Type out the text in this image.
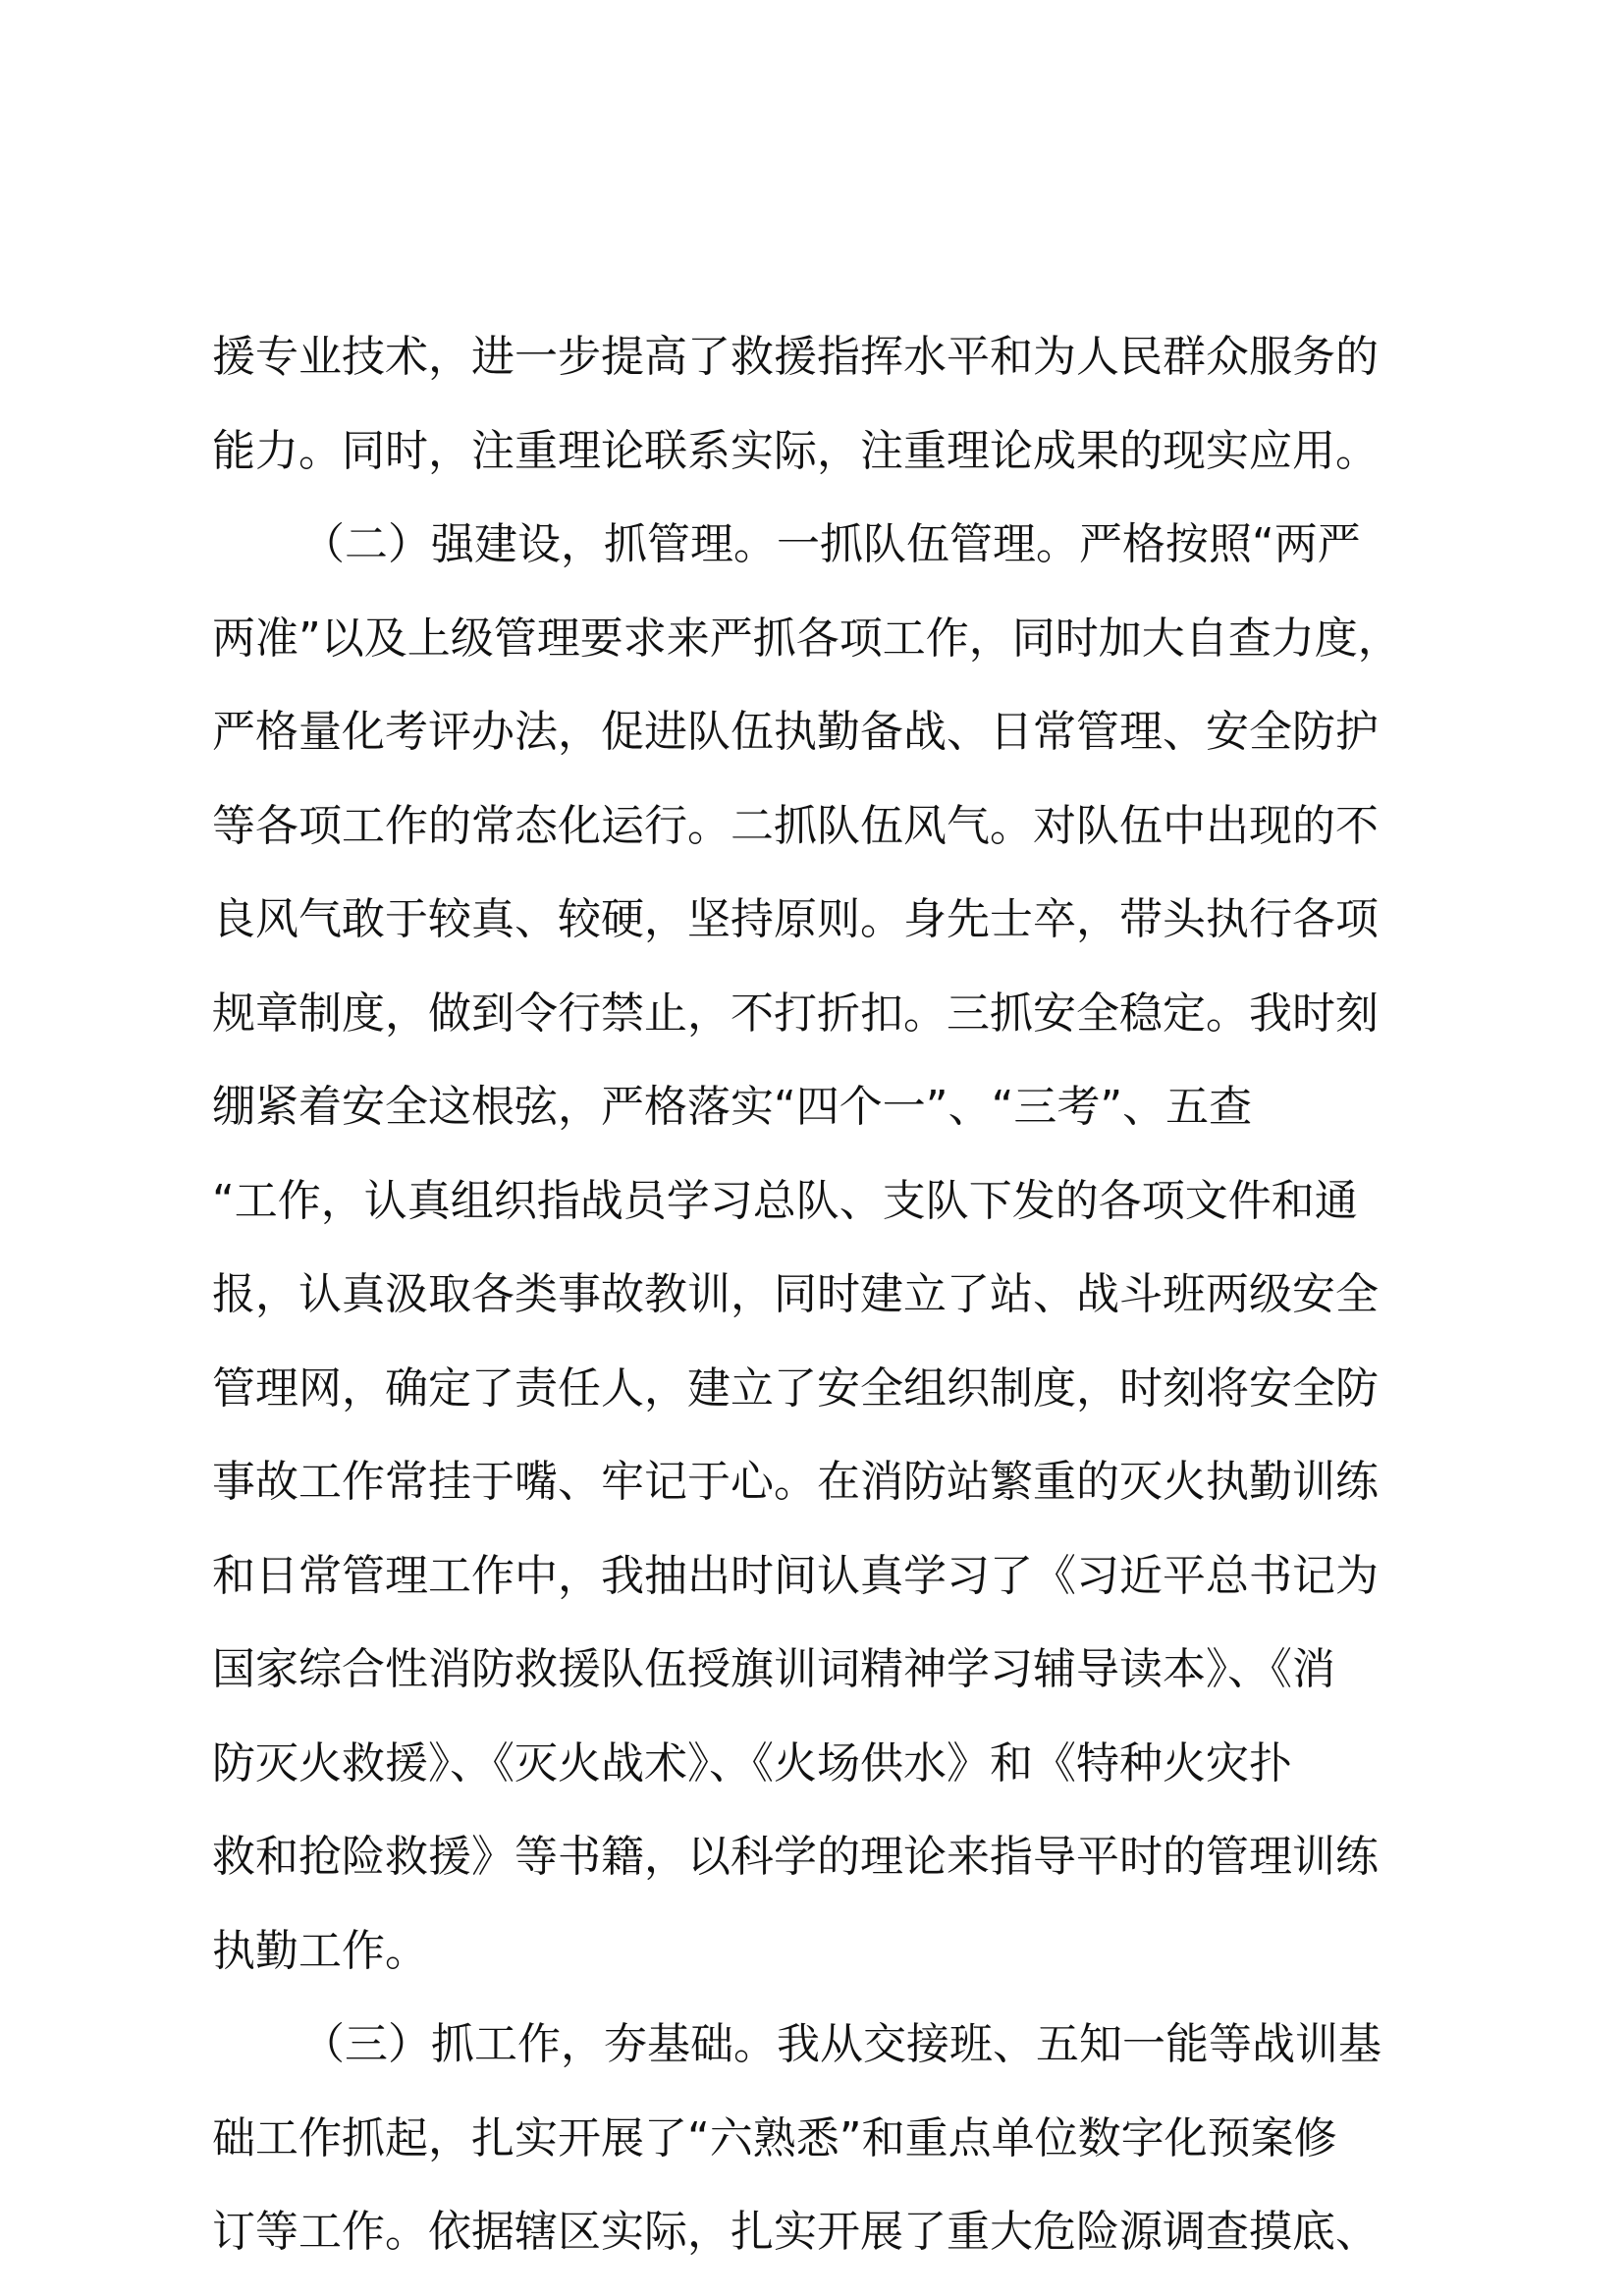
援专业技术，进一步提高了救援指挥水平和为人民群众服务的
能力。同时，注重理论联系实际，注重理论成果的现实应用。
（二）强建设，抓管理。一抓队伍管理。严格按照“两严
两准”以及上级管理要求来严抓各项工作，同时加大自查力度，
严格量化考评办法，促进队伍执勤备战、日常管理、安全防护
等各项工作的常态化运行。二抓队伍风气。对队伍中出现的不
良风气敢于较真、较硬，坚持原则。身先士卒，带头执行各项
规章制度，做到令行禁止，不打折扣。三抓安全稳定。我时刻
绷紧着安全这根弦，严格落实“四个一”、“三考”、五查
“工作，认真组织指战员学习总队、支队下发的各项文件和通
报，认真汲取各类事故教训，同时建立了站、战斗班两级安全
管理网，确定了责任人，建立了安全组织制度，时刻将安全防
事故工作常挂于嘴、牢记于心。在消防站繁重的灭火执勤训练
和日常管理工作中，我抽出时间认真学习了《习近平总书记为
国家综合性消防救援队伍授旗训词精神学习辅导读本》、《消
防灭火救援》、《灭火战术》、《火场供水》和《特种火灾扑
救和抢险救援》等书籍，以科学的理论来指导平时的管理训练
执勤工作。
（三）抓工作，夯基础。我从交接班、五知一能等战训基
础工作抓起，扎实开展了“六熟悉”和重点单位数字化预案修
订等工作。依据辖区实际，扎实开展了重大危险源调查摸底、
